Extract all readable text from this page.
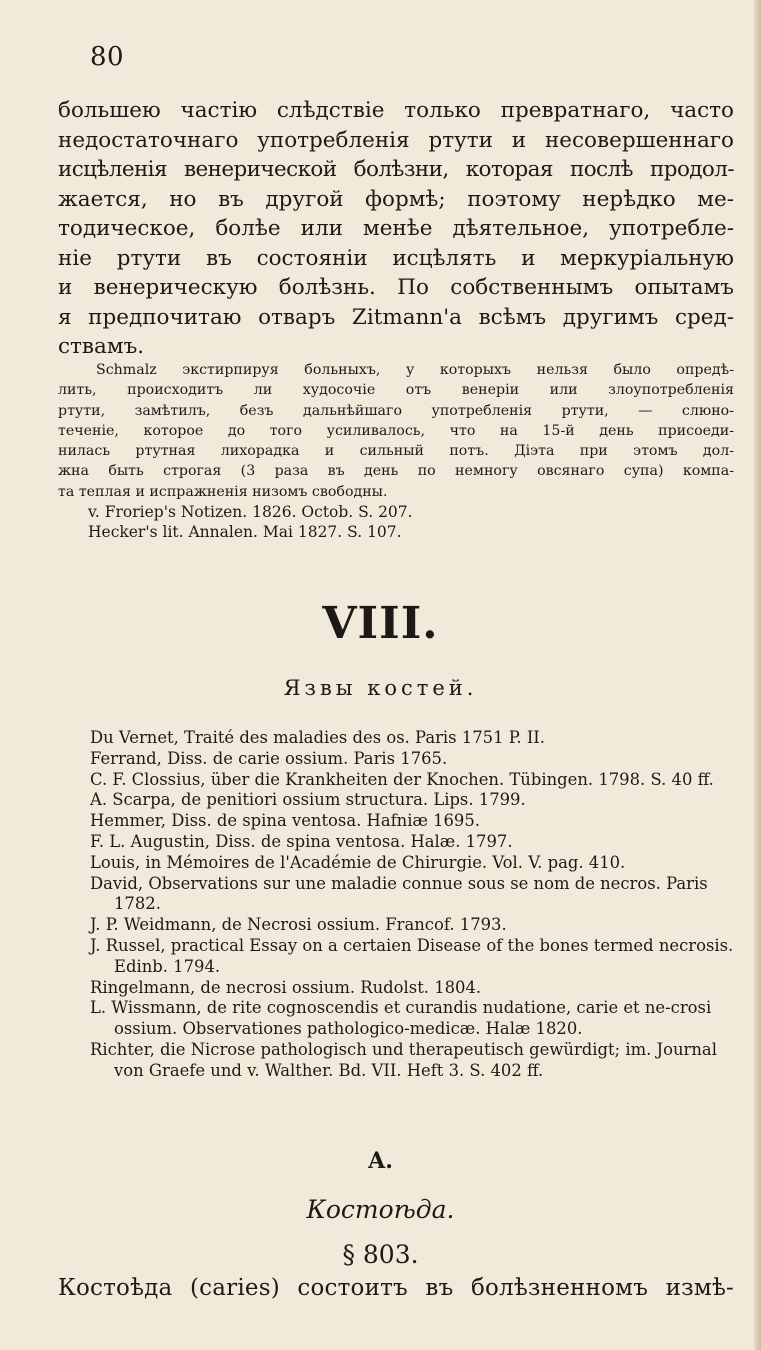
80

большею частію слѣдствіе только превратнаго, часто

недостаточнаго употребленія ртути и несовершеннаго

исцѣленія венерической болѣзни, которая послѣ продол-

жается, но въ другой формѣ; поэтому нерѣдко ме-

тодическое, болѣе или менѣе дѣятельное, употребле-

ніе ртути въ состояніи исцѣлять и меркуріальную

и венерическую болѣзнь. По собственнымъ опытамъ

я предпочитаю отваръ Zitmann'а всѣмъ другимъ сред-

ствамъ.

Schmalz экстирпируя больныхъ, у которыхъ нельзя было опредѣ-

лить, происходитъ ли худосочіе отъ венеріи или злоупотребленія

ртути, замѣтилъ, безъ дальнѣйшаго употребленія ртути, — слюно-

теченіе, которое до того усиливалось, что на 15-й день присоеди-

нилась ртутная лихорадка и сильный потъ. Діэта при этомъ дол-

жна быть строгая (3 раза въ день по немногу овсянаго супа) компа-

та теплая и испражненія низомъ свободны.

v. Froriep's Notizen. 1826. Octob. S. 207.
Hecker's lit. Annalen. Mai 1827. S. 107.
VIII.
Язвы костей.
Du Vernet, Traité des maladies des os. Paris 1751 P. II.
Ferrand, Diss. de carie ossium. Paris 1765.
C. F. Clossius, über die Krankheiten der Knochen. Tübingen. 1798. S. 40 ff.
A. Scarpa, de penitiori ossium structura. Lips. 1799.
Hemmer, Diss. de spina ventosa. Hafniæ 1695.
F. L. Augustin, Diss. de spina ventosa. Halæ. 1797.
Louis, in Mémoires de l'Académie de Chirurgie. Vol. V. pag. 410.
David, Observations sur une maladie connue sous se nom de necros. Paris 1782.
J. P. Weidmann, de Necrosi ossium. Francof. 1793.
J. Russel, practical Essay on a certaien Disease of the bones termed necrosis. Edinb. 1794.
Ringelmann, de necrosi ossium. Rudolst. 1804.
L. Wissmann, de rite cognoscendis et curandis nudatione, carie et ne-crosi ossium. Observationes pathologico-medicæ. Halæ 1820.
Richter, die Nicrose pathologisch und therapeutisch gewürdigt; im. Journal von Graefe und v. Walther. Bd. VII. Heft 3. S. 402 ff.
A.
Костоѣда.
§ 803.
Костоѣда (caries) состоитъ въ болѣзненномъ измѣ-
